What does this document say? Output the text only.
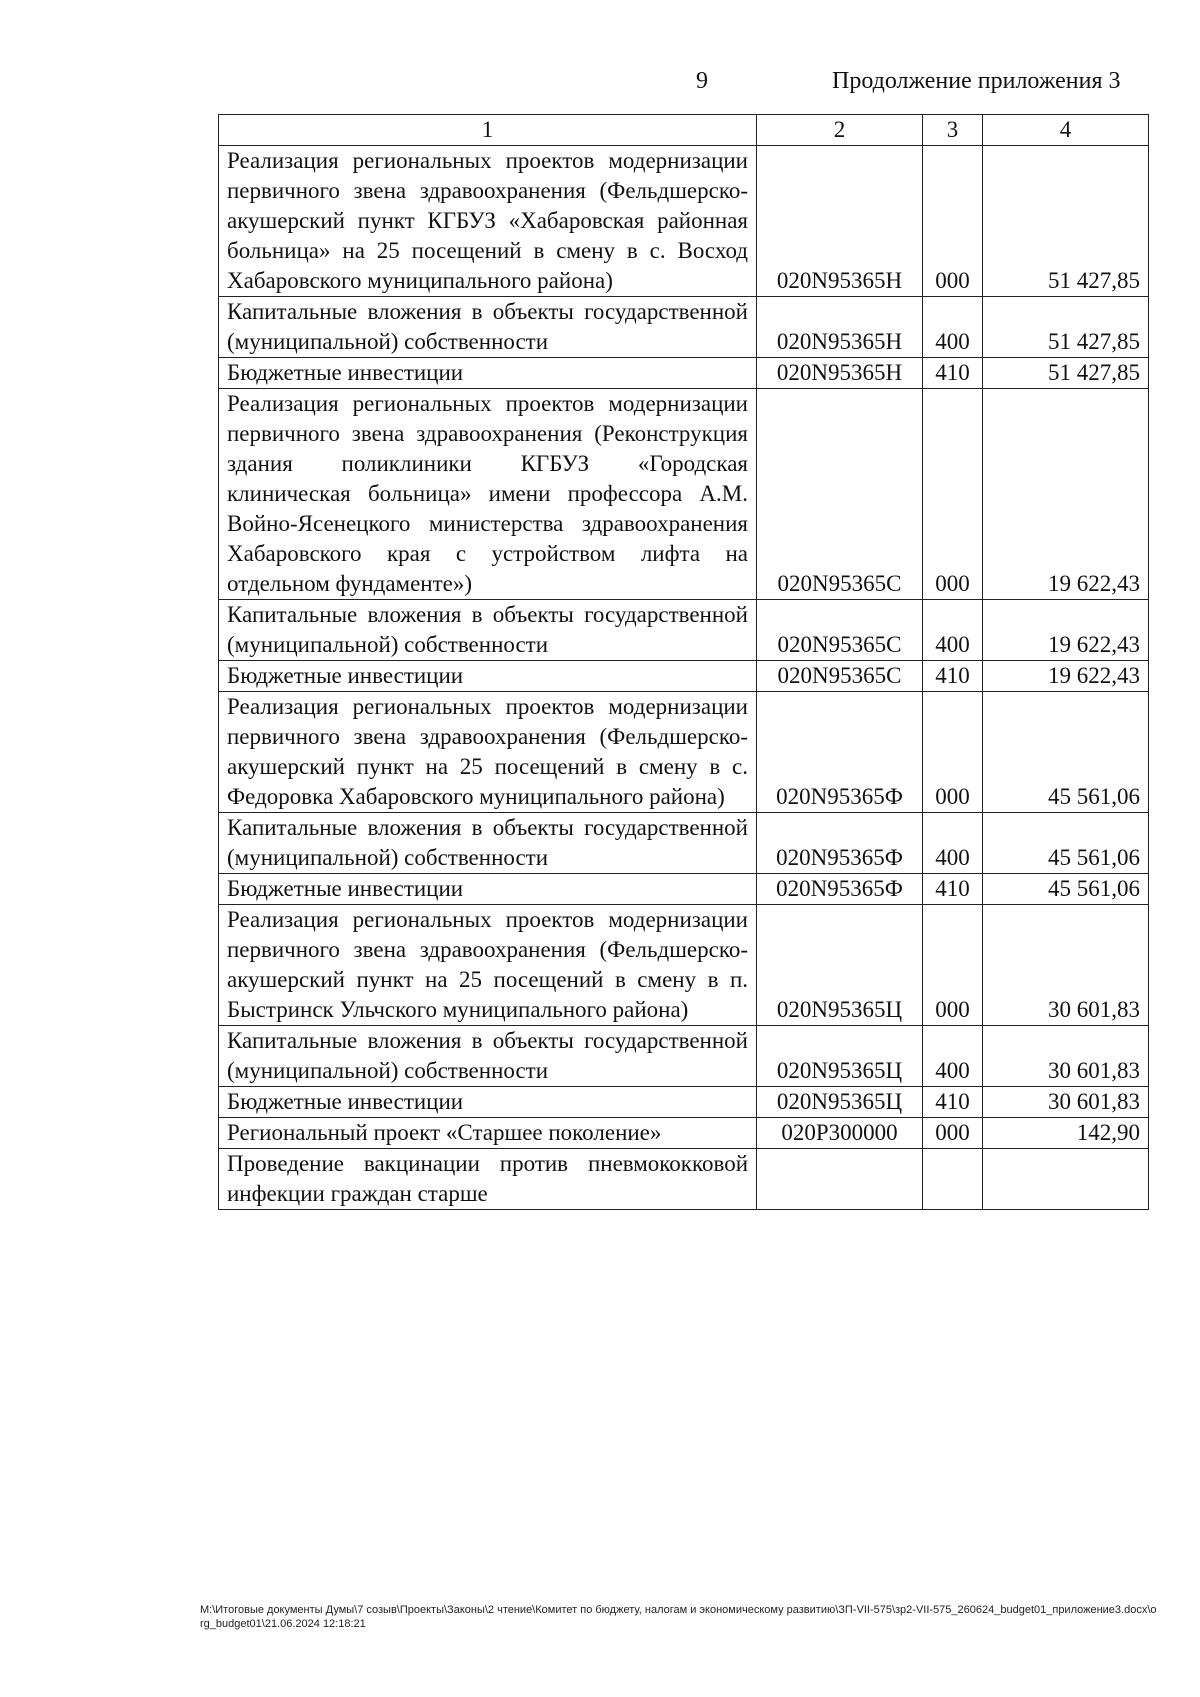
9	Продолжение приложения 3
1	2	3	4
Реализация региональных проектов модернизации первичного звена здравоохранения (Фельдшерско-акушерский пункт КГБУЗ «Хабаровская районная больница» на 25 посещений в смену в с. Восход Хабаровского муниципального района)	020N95365Н	000	51 427,85
Капитальные вложения в объекты государственной (муниципальной) собственности	020N95365Н	400	51 427,85
Бюджетные инвестиции	020N95365Н	410	51 427,85
Реализация региональных проектов модернизации первичного звена здравоохранения (Реконструкция здания поликлиники КГБУЗ «Городская клиническая больница» имени профессора А.М. Войно-Ясенецкого министерства здравоохранения Хабаровского края с устройством лифта на отдельном фундаменте»)	020N95365С	000	19 622,43
Капитальные вложения в объекты государственной (муниципальной) собственности	020N95365С	400	19 622,43
Бюджетные инвестиции	020N95365С	410	19 622,43
Реализация региональных проектов модернизации первичного звена здравоохранения (Фельдшерско-акушерский пункт на 25 посещений в смену в с. Федоровка Хабаровского муниципального района)	020N95365Ф	000	45 561,06
Капитальные вложения в объекты государственной (муниципальной) собственности	020N95365Ф	400	45 561,06
Бюджетные инвестиции	020N95365Ф	410	45 561,06
Реализация региональных проектов модернизации первичного звена здравоохранения (Фельдшерско-акушерский пункт на 25 посещений в смену в п. Быстринск Ульчского муниципального района)	020N95365Ц	000	30 601,83
Капитальные вложения в объекты государственной (муниципальной) собственности	020N95365Ц	400	30 601,83
Бюджетные инвестиции	020N95365Ц	410	30 601,83
Региональный проект «Старшее поколение»	020Р300000	000	142,90
Проведение вакцинации против пневмококковой инфекции граждан старше			
M:\Итоговые документы Думы\7 созыв\Проекты\Законы\2 чтение\Комитет по бюджету, налогам и экономическому развитию\ЗП-VII-575\зр2-VII-575_260624_budget01_приложение3.docx\org_budget01\21.06.2024 12:18:21
